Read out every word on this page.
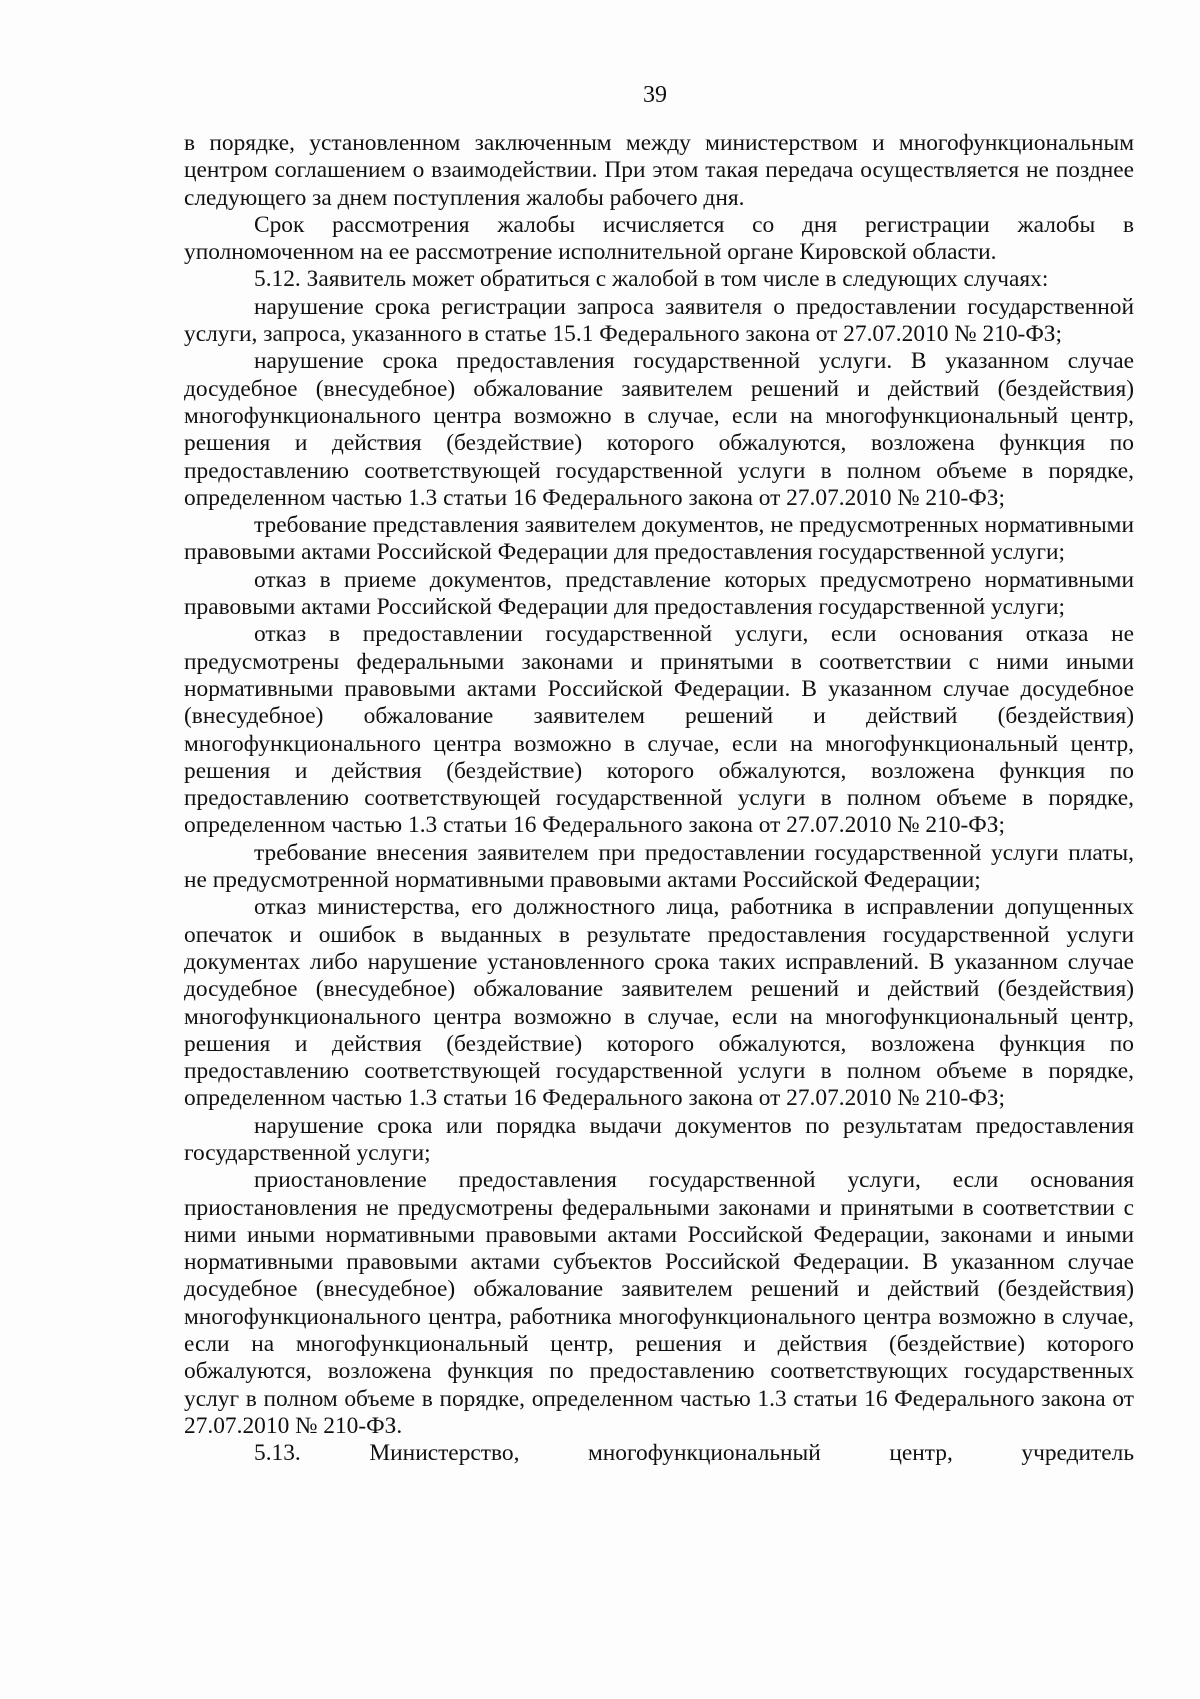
39

в порядке, установленном заключенным между министерством и многофункциональным центром соглашением о взаимодействии. При этом такая передача осуществляется не позднее следующего за днем поступления жалобы рабочего дня.

Срок рассмотрения жалобы исчисляется со дня регистрации жалобы в уполномоченном на ее рассмотрение исполнительной органе Кировской области.

5.12. Заявитель может обратиться с жалобой в том числе в следующих случаях:

нарушение срока регистрации запроса заявителя о предоставлении государственной услуги, запроса, указанного в статье 15.1 Федерального закона от 27.07.2010 № 210-ФЗ;

нарушение срока предоставления государственной услуги. В указанном случае досудебное (внесудебное) обжалование заявителем решений и действий (бездействия) многофункционального центра возможно в случае, если на многофункциональный центр, решения и действия (бездействие) которого обжалуются, возложена функция по предоставлению соответствующей государственной услуги в полном объеме в порядке, определенном частью 1.3 статьи 16 Федерального закона от 27.07.2010 № 210-ФЗ;

требование представления заявителем документов, не предусмотренных нормативными правовыми актами Российской Федерации для предоставления государственной услуги;

отказ в приеме документов, представление которых предусмотрено нормативными правовыми актами Российской Федерации для предоставления государственной услуги;

отказ в предоставлении государственной услуги, если основания отказа не предусмотрены федеральными законами и принятыми в соответствии с ними иными нормативными правовыми актами Российской Федерации. В указанном случае досудебное (внесудебное) обжалование заявителем решений и действий (бездействия) многофункционального центра возможно в случае, если на многофункциональный центр, решения и действия (бездействие) которого обжалуются, возложена функция по предоставлению соответствующей государственной услуги в полном объеме в порядке, определенном частью 1.3 статьи 16 Федерального закона от 27.07.2010 № 210-ФЗ;

требование внесения заявителем при предоставлении государственной услуги платы, не предусмотренной нормативными правовыми актами Российской Федерации;

отказ министерства, его должностного лица, работника в исправлении допущенных опечаток и ошибок в выданных в результате предоставления государственной услуги документах либо нарушение установленного срока таких исправлений. В указанном случае досудебное (внесудебное) обжалование заявителем решений и действий (бездействия) многофункционального центра возможно в случае, если на многофункциональный центр, решения и действия (бездействие) которого обжалуются, возложена функция по предоставлению соответствующей государственной услуги в полном объеме в порядке, определенном частью 1.3 статьи 16 Федерального закона от 27.07.2010 № 210-ФЗ;

нарушение срока или порядка выдачи документов по результатам предоставления государственной услуги;

приостановление предоставления государственной услуги, если основания приостановления не предусмотрены федеральными законами и принятыми в соответствии с ними иными нормативными правовыми актами Российской Федерации, законами и иными нормативными правовыми актами субъектов Российской Федерации. В указанном случае досудебное (внесудебное) обжалование заявителем решений и действий (бездействия) многофункционального центра, работника многофункционального центра возможно в случае, если на многофункциональный центр, решения и действия (бездействие) которого обжалуются, возложена функция по предоставлению соответствующих государственных услуг в полном объеме в порядке, определенном частью 1.3 статьи 16 Федерального закона от 27.07.2010 № 210-ФЗ.

5.13. Министерство, многофункциональный центр, учредитель
